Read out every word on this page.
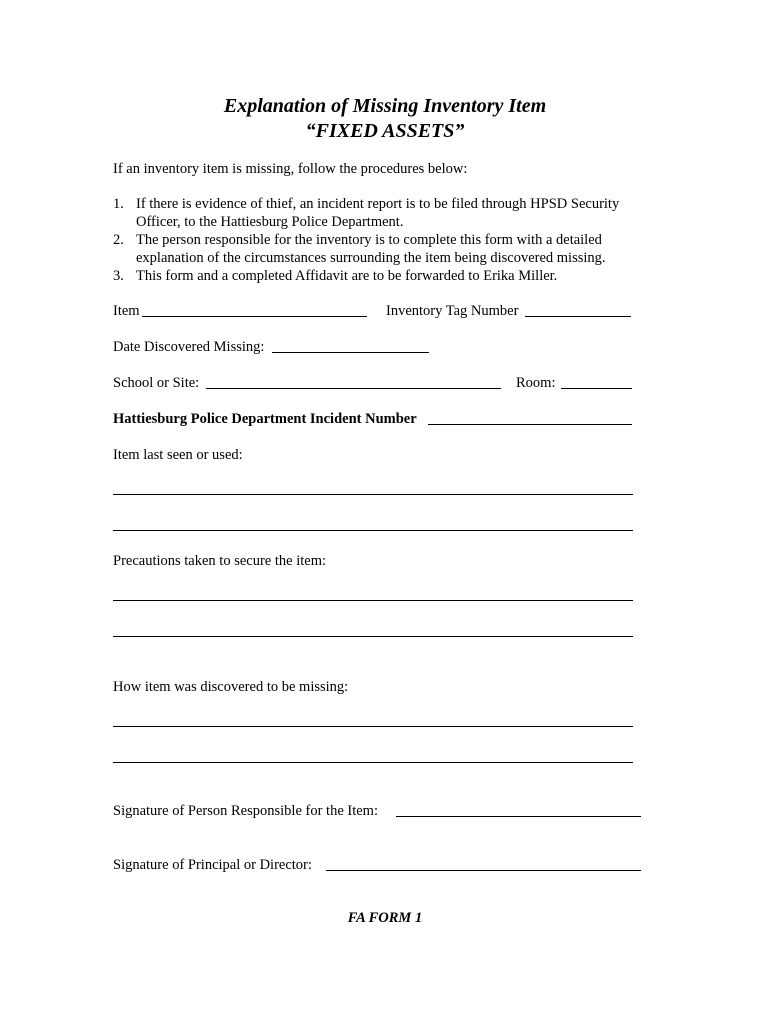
Explanation of Missing Inventory Item
“FIXED ASSETS”
If an inventory item is missing, follow the procedures below:
1. If there is evidence of thief, an incident report is to be filed through HPSD Security
Officer, to the Hattiesburg Police Department.
2. The person responsible for the inventory is to complete this form with a detailed
explanation of the circumstances surrounding the item being discovered missing.
3. This form and a completed Affidavit are to be forwarded to Erika Miller.
Item	Inventory Tag Number
Date Discovered Missing:
School or Site:	Room:
Hattiesburg Police Department Incident Number
Item last seen or used:
Precautions taken to secure the item:
How item was discovered to be missing:
Signature of Person Responsible for the Item:
Signature of Principal or Director:
FA FORM 1
